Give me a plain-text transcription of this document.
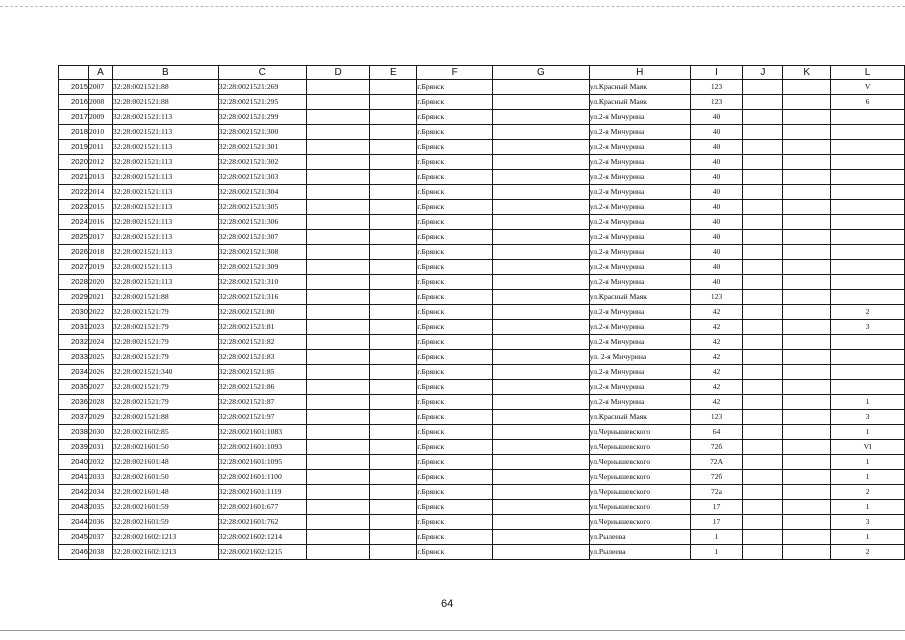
	A	B	C	D	E	F	G	H	I	J	K	L
2015	2007	32:28:0021521:88	32:28:0021521:269			г.Брянск		ул.Красный Маяк	123			V
2016	2008	32:28:0021521:88	32:28:0021521:295			г.Брянск		ул.Красный Маяк	123			6
2017	2009	32:28:0021521:113	32:28:0021521:299			г.Брянск		ул.2-я Мичурина	40			
2018	2010	32:28:0021521:113	32:28:0021521:300			г.Брянск		ул.2-я Мичурина	40			
2019	2011	32:28:0021521:113	32:28:0021521:301			г.Брянск		ул.2-я Мичурина	40			
2020	2012	32:28:0021521:113	32:28:0021521:302			г.Брянск		ул.2-я Мичурина	40			
2021	2013	32:28:0021521:113	32:28:0021521:303			г.Брянск		ул.2-я Мичурина	40			
2022	2014	32:28:0021521:113	32:28:0021521:304			г.Брянск		ул.2-я Мичурина	40			
2023	2015	32:28:0021521:113	32:28:0021521:305			г.Брянск		ул.2-я Мичурина	40			
2024	2016	32:28:0021521:113	32:28:0021521:306			г.Брянск		ул.2-я Мичурина	40			
2025	2017	32:28:0021521:113	32:28:0021521:307			г.Брянск		ул.2-я Мичурина	40			
2026	2018	32:28:0021521:113	32:28:0021521:308			г.Брянск		ул.2-я Мичурина	40			
2027	2019	32:28:0021521:113	32:28:0021521:309			г.Брянск		ул.2-я Мичурина	40			
2028	2020	32:28:0021521:113	32:28:0021521:310			г.Брянск		ул.2-я Мичурина	40			
2029	2021	32:28:0021521:88	32:28:0021521:316			г.Брянск		ул.Красный Маяк	123			
2030	2022	32:28:0021521:79	32:28:0021521:80			г.Брянск		ул.2-я Мичурина	42			2
2031	2023	32:28:0021521:79	32:28:0021521:81			г.Брянск		ул.2-я Мичурина	42			3
2032	2024	32:28:0021521:79	32:28:0021521:82			г.Брянск		ул.2-я Мичурина	42			
2033	2025	32:28:0021521:79	32:28:0021521:83			г.Брянск		ул. 2-я Мичурина	42			
2034	2026	32:28:0021521:340	32:28:0021521:85			г.Брянск		ул.2-я Мичурина	42			
2035	2027	32:28:0021521:79	32:28:0021521:86			г.Брянск		ул.2-я Мичурина	42			
2036	2028	32:28:0021521:79	32:28:0021521:87			г.Брянск		ул.2-я Мичурина	42			1
2037	2029	32:28:0021521:88	32:28:0021521:97			г.Брянск		ул.Красный Маяк	123			3
2038	2030	32:28:0021602:85	32:28:0021601:1083			г.Брянск		ул.Чернышевского	64			1
2039	2031	32:28:0021601:50	32:28:0021601:1093			г.Брянск		ул.Чернышевского	72б			VI
2040	2032	32:28:0021601:48	32:28:0021601:1095			г.Брянск		ул.Чернышевского	72А			1
2041	2033	32:28:0021601:50	32:28:0021601:1100			г.Брянск		ул.Чернышевского	72б			1
2042	2034	32:28:0021601:48	32:28:0021601:1119			г.Брянск		ул.Чернышевского	72а			2
2043	2035	32:28:0021601:59	32:28:0021601:677			г.Брянск		ул.Чернышевского	17			1
2044	2036	32:28:0021601:59	32:28:0021601:762			г.Брянск		ул.Чернышевского	17			3
2045	2037	32:28:0021602:1213	32:28:0021602:1214			г.Брянск		ул.Рылеева	1			1
2046	2038	32:28:0021602:1213	32:28:0021602:1215			г.Брянск		ул.Рылеева	1			2
64
